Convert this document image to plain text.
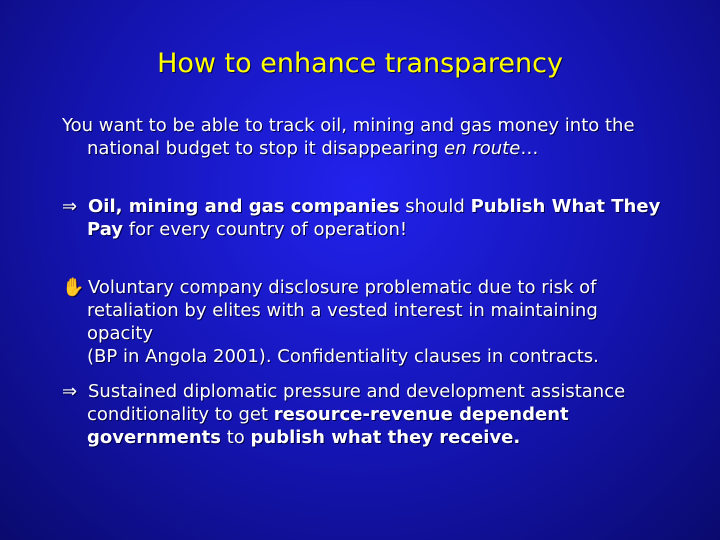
How to enhance transparency
You want to be able to track oil, mining and gas money into the
national budget to stop it disappearing en route…
⇒ Oil, mining and gas companies should Publish What They
Pay for every country of operation!
✋ Voluntary company disclosure problematic due to risk of
retaliation by elites with a vested interest in maintaining opacity
(BP in Angola 2001). Confidentiality clauses in contracts.
⇒ Sustained diplomatic pressure and development assistance
conditionality to get resource-revenue dependent
governments to publish what they receive.
